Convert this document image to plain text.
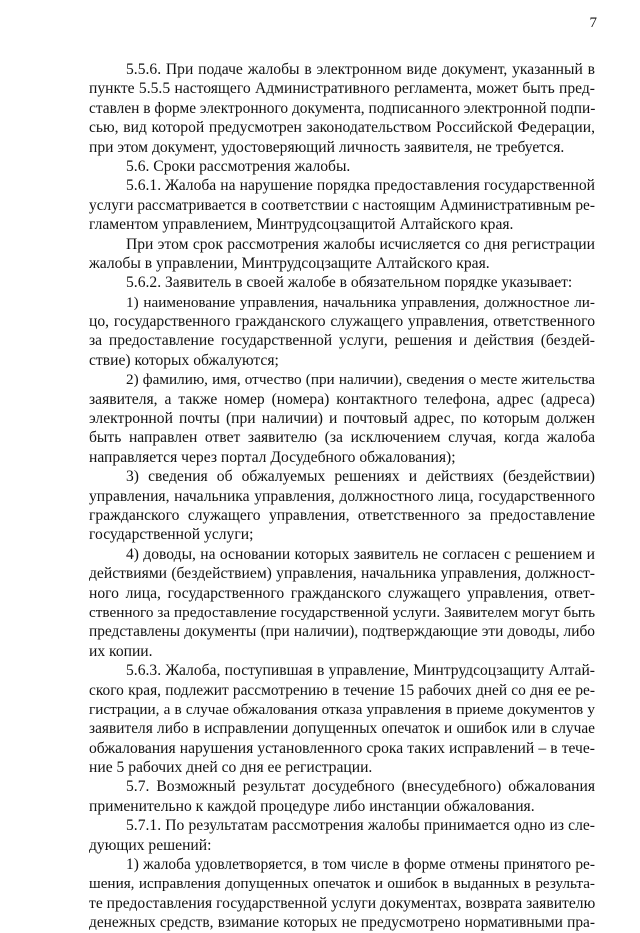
7
5.5.6. При подаче жалобы в электронном виде документ, указанный в
пункте 5.5.5 настоящего Административного регламента, может быть пред-
ставлен в форме электронного документа, подписанного электронной подпи-
сью, вид которой предусмотрен законодательством Российской Федерации,
при этом документ, удостоверяющий личность заявителя, не требуется.
5.6. Сроки рассмотрения жалобы.
5.6.1. Жалоба на нарушение порядка предоставления государственной
услуги рассматривается в соответствии с настоящим Административным ре-
гламентом управлением, Минтрудсоцзащитой Алтайского края.
При этом срок рассмотрения жалобы исчисляется со дня регистрации
жалобы в управлении, Минтрудсоцзащите Алтайского края.
5.6.2. Заявитель в своей жалобе в обязательном порядке указывает:
1) наименование управления, начальника управления, должностное ли-
цо, государственного гражданского служащего управления, ответственного
за предоставление государственной услуги, решения и действия (бездей-
ствие) которых обжалуются;
2) фамилию, имя, отчество (при наличии), сведения о месте жительства
заявителя, а также номер (номера) контактного телефона, адрес (адреса)
электронной почты (при наличии) и почтовый адрес, по которым должен
быть направлен ответ заявителю (за исключением случая, когда жалоба
направляется через портал Досудебного обжалования);
3) сведения об обжалуемых решениях и действиях (бездействии)
управления, начальника управления, должностного лица, государственного
гражданского служащего управления, ответственного за предоставление
государственной услуги;
4) доводы, на основании которых заявитель не согласен с решением и
действиями (бездействием) управления, начальника управления, должност-
ного лица, государственного гражданского служащего управления, ответ-
ственного за предоставление государственной услуги. Заявителем могут быть
представлены документы (при наличии), подтверждающие эти доводы, либо
их копии.
5.6.3. Жалоба, поступившая в управление, Минтрудсоцзащиту Алтай-
ского края, подлежит рассмотрению в течение 15 рабочих дней со дня ее ре-
гистрации, а в случае обжалования отказа управления в приеме документов у
заявителя либо в исправлении допущенных опечаток и ошибок или в случае
обжалования нарушения установленного срока таких исправлений – в тече-
ние 5 рабочих дней со дня ее регистрации.
5.7. Возможный результат досудебного (внесудебного) обжалования
применительно к каждой процедуре либо инстанции обжалования.
5.7.1. По результатам рассмотрения жалобы принимается одно из сле-
дующих решений:
1) жалоба удовлетворяется, в том числе в форме отмены принятого ре-
шения, исправления допущенных опечаток и ошибок в выданных в результа-
те предоставления государственной услуги документах, возврата заявителю
денежных средств, взимание которых не предусмотрено нормативными пра-
